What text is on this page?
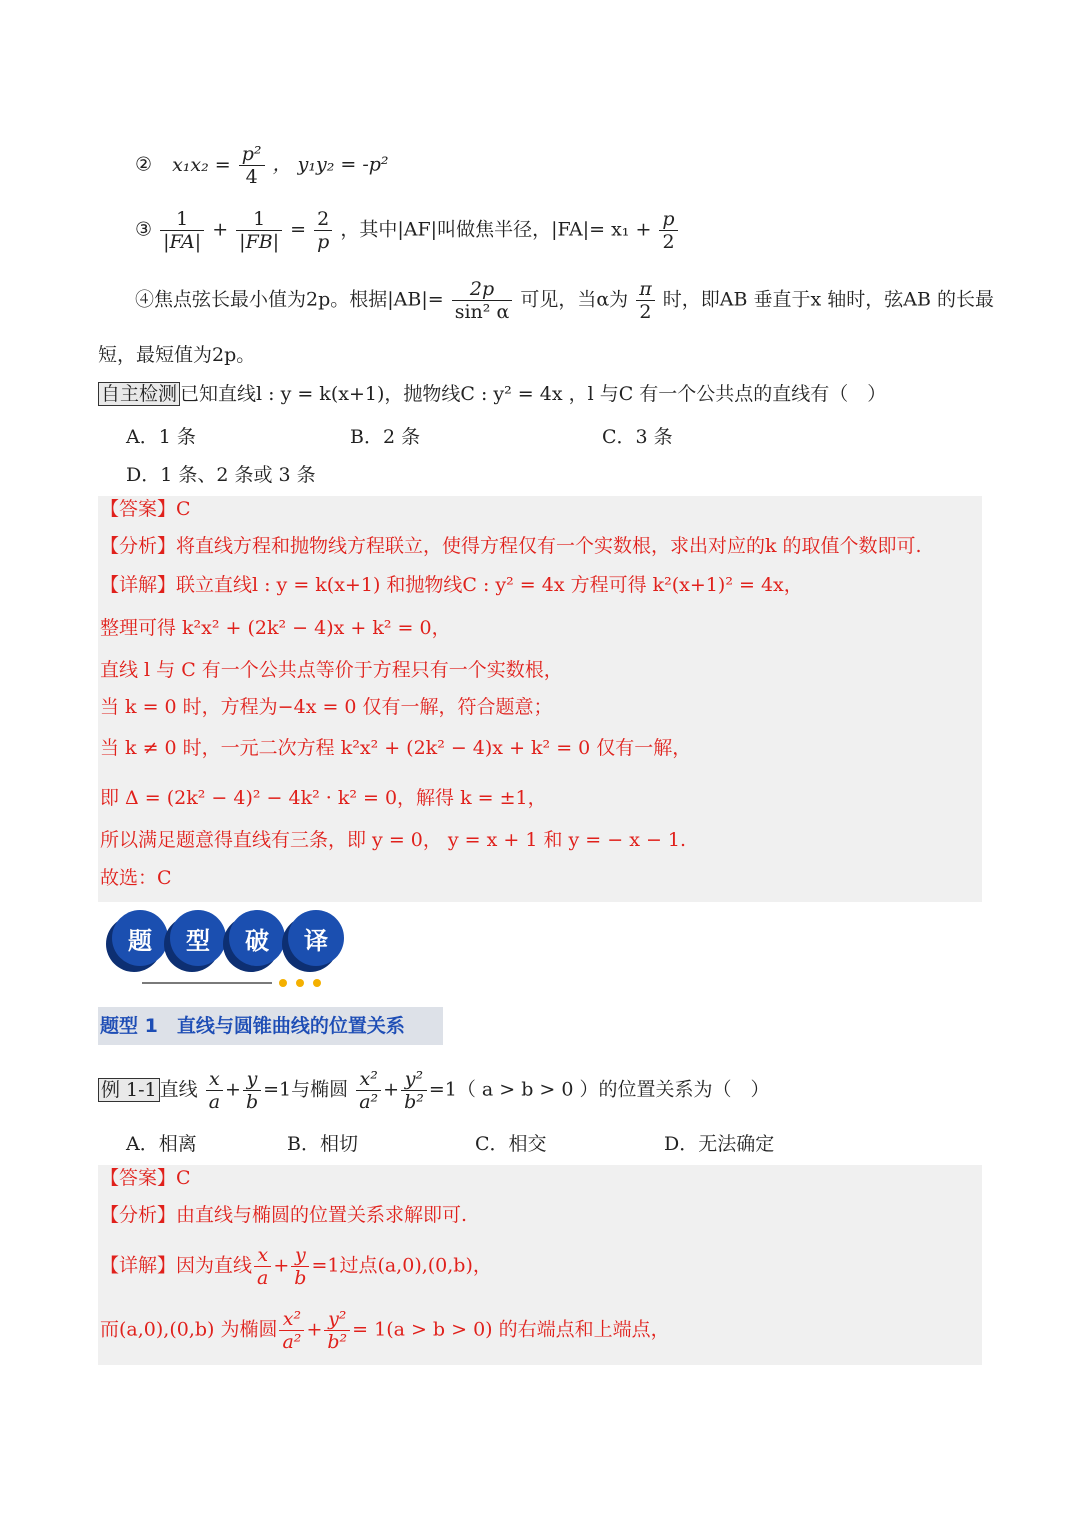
② $x_1x_2 = \frac{\text{p²}}{4}$ ， y₁y₂ = -p²
③ $\frac{1}{|FA|} + \frac{1}{|FB|} = \frac{2}{p}$ ，其中|AF|叫做焦半径，$|FA|= x_1 + \frac{p}{2}$
④焦点弦长最小值为2p。根据$|AB|= \frac{2p}{\text{sin² α}}$ 可见，当α为 $\frac{\pi}{2}$ 时，即AB 垂直于x 轴时，弦AB 的长最
短，最短值为2p。
自主检测 已知直线l : y = k(x+1)，抛物线C : y² = 4x ，l 与C 有一个公共点的直线有（　）
A．1 条	B．2 条	C．3 条
D．1 条、2 条或 3 条
【答案】C
【分析】将直线方程和抛物线方程联立，使得方程仅有一个实数根，求出对应的k 的取值个数即可.
【详解】联立直线l : y = k(x+1) 和抛物线C : y² = 4x 方程可得 k²(x+1)² = 4x，
整理可得 k²x² + (2k² − 4)x + k² = 0，
直线 l 与 C 有一个公共点等价于方程只有一个实数根，
当 k = 0 时，方程为−4x = 0 仅有一解，符合题意；
当 k ≠ 0 时，一元二次方程 k²x² + (2k² − 4)x + k² = 0 仅有一解，
即 Δ = (2k² − 4)² − 4k² · k² = 0，解得 k = ±1，
所以满足题意得直线有三条，即 y = 0， y = x + 1 和 y = − x − 1.
故选：C
题	型	破	译
题型 1　直线与圆锥曲线的位置关系
例 1-1 直线 $\frac{x}{a} + \frac{y}{b} =1$与椭圆 $\frac{\text{x²}}{\text{a²}} + \frac{\text{y²}}{\text{b²}} =1$（ a > b > 0 ）的位置关系为（　）
A．相离	B．相切	C．相交	D．无法确定
【答案】C
【分析】由直线与椭圆的位置关系求解即可.
【详解】因为直线 $\frac{x}{a} + \frac{y}{b} =1$过点(a,0),(0,b)，
而(a,0),(0,b) 为椭圆 $\frac{\text{x²}}{\text{a²}} + \frac{\text{y²}}{\text{b²}} = 1(a > b > 0)$ 的右端点和上端点，
